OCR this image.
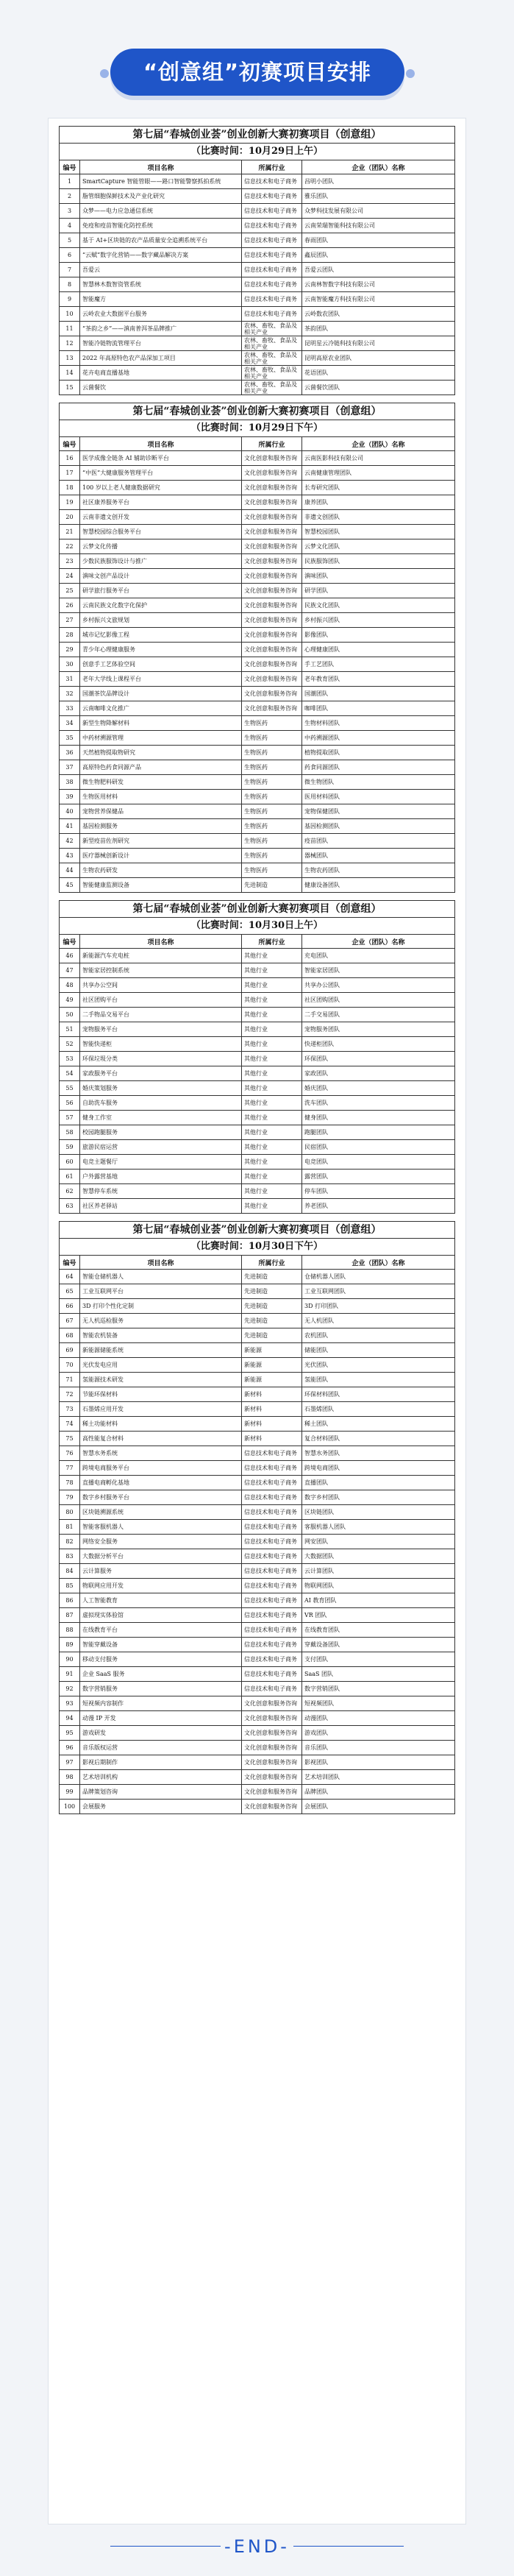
“创意组”初赛项目安排
第七届“春城创业荟”创业创新大赛初赛项目（创意组）
（比赛时间：10月29日上午）
编号	项目名称	所属行业	企业（团队）名称
1	SmartCapture 智能管眼——路口智能警察抓拍系统	信息技术和电子商务	昌明小团队
2	脂管细胞保鲜技术及产业化研究	信息技术和电子商务	雅乐团队
3	众梦——电力应急通信系统	信息技术和电子商务	众梦科技发展有限公司
4	免疫和疫苗智能化防控系统	信息技术和电子商务	云南荣瑞智能科技有限公司
5	基于 AI+区块链的农产品质量安全追溯系统平台	信息技术和电子商务	春雨团队
6	“云赋”数字化营销——数字藏品解决方案	信息技术和电子商务	鑫辰团队
7	吾爱云	信息技术和电子商务	吾爱云团队
8	智慧林木数智资管系统	信息技术和电子商务	云南林智数字科技有限公司
9	智能魔方	信息技术和电子商务	云南智能魔方科技有限公司
10	云岭农业大数据平台服务	信息技术和电子商务	云岭数农团队
11	“茶韵之乡”——滇南普洱茶品牌推广	农林、畜牧、食品及相关产业	茶韵团队
12	智能冷链物流管理平台	农林、畜牧、食品及相关产业	昆明星云冷链科技有限公司
13	2022 年高原特色农产品深加工项目	农林、畜牧、食品及相关产业	昆明高原农业团队
14	花卉电商直播基地	农林、畜牧、食品及相关产业	花语团队
15	云菌餐饮	农林、畜牧、食品及相关产业	云菌餐饮团队
第七届“春城创业荟”创业创新大赛初赛项目（创意组）
（比赛时间：10月29日下午）
编号	项目名称	所属行业	企业（团队）名称
16	医学成像全链条 AI 辅助诊断平台	文化创意和服务咨询	云南医影科技有限公司
17	“中医”大健康服务管理平台	文化创意和服务咨询	云南健康管理团队
18	100 岁以上老人健康数据研究	文化创意和服务咨询	长寿研究团队
19	社区康养服务平台	文化创意和服务咨询	康养团队
20	云南非遗文创开发	文化创意和服务咨询	非遗文创团队
21	智慧校园综合服务平台	文化创意和服务咨询	智慧校园团队
22	云梦文化传播	文化创意和服务咨询	云梦文化团队
23	少数民族服饰设计与推广	文化创意和服务咨询	民族服饰团队
24	滇味文创产品设计	文化创意和服务咨询	滇味团队
25	研学旅行服务平台	文化创意和服务咨询	研学团队
26	云南民族文化数字化保护	文化创意和服务咨询	民族文化团队
27	乡村振兴文旅规划	文化创意和服务咨询	乡村振兴团队
28	城市记忆影像工程	文化创意和服务咨询	影像团队
29	青少年心理健康服务	文化创意和服务咨询	心理健康团队
30	创意手工艺体验空间	文化创意和服务咨询	手工艺团队
31	老年大学线上课程平台	文化创意和服务咨询	老年教育团队
32	国潮茶饮品牌设计	文化创意和服务咨询	国潮团队
33	云南咖啡文化推广	文化创意和服务咨询	咖啡团队
34	新型生物降解材料	生物医药	生物材料团队
35	中药材溯源管理	生物医药	中药溯源团队
36	天然植物提取物研究	生物医药	植物提取团队
37	高原特色药食同源产品	生物医药	药食同源团队
38	微生物肥料研发	生物医药	微生物团队
39	生物医用材料	生物医药	医用材料团队
40	宠物营养保健品	生物医药	宠物保健团队
41	基因检测服务	生物医药	基因检测团队
42	新型疫苗佐剂研究	生物医药	疫苗团队
43	医疗器械创新设计	生物医药	器械团队
44	生物农药研发	生物医药	生物农药团队
45	智能健康监测设备	先进制造	健康设备团队
第七届“春城创业荟”创业创新大赛初赛项目（创意组）
（比赛时间：10月30日上午）
编号	项目名称	所属行业	企业（团队）名称
46	新能源汽车充电桩	其他行业	充电团队
47	智能家居控制系统	其他行业	智能家居团队
48	共享办公空间	其他行业	共享办公团队
49	社区团购平台	其他行业	社区团购团队
50	二手物品交易平台	其他行业	二手交易团队
51	宠物服务平台	其他行业	宠物服务团队
52	智能快递柜	其他行业	快递柜团队
53	环保垃圾分类	其他行业	环保团队
54	家政服务平台	其他行业	家政团队
55	婚庆策划服务	其他行业	婚庆团队
56	自助洗车服务	其他行业	洗车团队
57	健身工作室	其他行业	健身团队
58	校园跑腿服务	其他行业	跑腿团队
59	旅游民宿运营	其他行业	民宿团队
60	电竞主题餐厅	其他行业	电竞团队
61	户外露营基地	其他行业	露营团队
62	智慧停车系统	其他行业	停车团队
63	社区养老驿站	其他行业	养老团队
第七届“春城创业荟”创业创新大赛初赛项目（创意组）
（比赛时间：10月30日下午）
编号	项目名称	所属行业	企业（团队）名称
64	智能仓储机器人	先进制造	仓储机器人团队
65	工业互联网平台	先进制造	工业互联网团队
66	3D 打印个性化定制	先进制造	3D 打印团队
67	无人机巡检服务	先进制造	无人机团队
68	智能农机装备	先进制造	农机团队
69	新能源储能系统	新能源	储能团队
70	光伏发电应用	新能源	光伏团队
71	氢能源技术研发	新能源	氢能团队
72	节能环保材料	新材料	环保材料团队
73	石墨烯应用开发	新材料	石墨烯团队
74	稀土功能材料	新材料	稀土团队
75	高性能复合材料	新材料	复合材料团队
76	智慧水务系统	信息技术和电子商务	智慧水务团队
77	跨境电商服务平台	信息技术和电子商务	跨境电商团队
78	直播电商孵化基地	信息技术和电子商务	直播团队
79	数字乡村服务平台	信息技术和电子商务	数字乡村团队
80	区块链溯源系统	信息技术和电子商务	区块链团队
81	智能客服机器人	信息技术和电子商务	客服机器人团队
82	网络安全服务	信息技术和电子商务	网安团队
83	大数据分析平台	信息技术和电子商务	大数据团队
84	云计算服务	信息技术和电子商务	云计算团队
85	物联网应用开发	信息技术和电子商务	物联网团队
86	人工智能教育	信息技术和电子商务	AI 教育团队
87	虚拟现实体验馆	信息技术和电子商务	VR 团队
88	在线教育平台	信息技术和电子商务	在线教育团队
89	智能穿戴设备	信息技术和电子商务	穿戴设备团队
90	移动支付服务	信息技术和电子商务	支付团队
91	企业 SaaS 服务	信息技术和电子商务	SaaS 团队
92	数字营销服务	信息技术和电子商务	数字营销团队
93	短视频内容制作	文化创意和服务咨询	短视频团队
94	动漫 IP 开发	文化创意和服务咨询	动漫团队
95	游戏研发	文化创意和服务咨询	游戏团队
96	音乐版权运营	文化创意和服务咨询	音乐团队
97	影视后期制作	文化创意和服务咨询	影视团队
98	艺术培训机构	文化创意和服务咨询	艺术培训团队
99	品牌策划咨询	文化创意和服务咨询	品牌团队
100	会展服务	文化创意和服务咨询	会展团队
-END-
